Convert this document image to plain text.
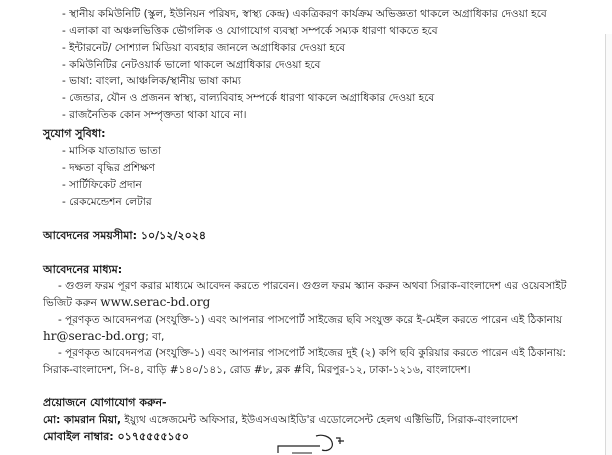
- স্থানীয় কমিউনিটি (স্কুল, ইউনিয়ন পরিষদ, স্বাস্থ্য কেন্দ্র) একত্রিকরণ কার্যক্রম অভিজ্ঞতা থাকলে অগ্রাধিকার দেওয়া হবে
- এলাকা বা অঞ্চলভিত্তিক ভৌগলিক ও যোগাযোগ ব্যবস্থা সম্পর্কে সম্যক ধারণা থাকতে হবে
- ইন্টারনেট/ সোশ্যাল মিডিয়া ব্যবহার জানলে অগ্রাধিকার দেওয়া হবে
- কমিউনিটির নেটওয়ার্ক ভালো থাকলে অগ্রাধিকার দেওয়া হবে
- ভাষা: বাংলা, আঞ্চলিক/স্থানীয় ভাষা কাম্য
- জেন্ডার, যৌন ও প্রজনন স্বাস্থ্য, বাল্যবিবাহ সম্পর্কে ধারণা থাকলে অগ্রাধিকার দেওয়া হবে
- রাজনৈতিক কোন সম্পৃক্ততা থাকা যাবে না।
সুযোগ সুবিধা:
- মাসিক যাতায়াত ভাতা
- দক্ষতা বৃদ্ধির প্রশিক্ষণ
- সার্টিফিকেট প্রদান
- রেকমেন্ডেশন লেটার
আবেদনের সময়সীমা: ১০/১২/২০২৪
আবেদনের মাধ্যম:
- গুগুল ফরম পূরণ করার মাধ্যমে আবেদন করতে পারবেন। গুগুল ফরম স্ক্যান করুন অথবা সিরাক-বাংলাদেশ এর ওয়েবসাইট
ভিজিট করুন www.serac-bd.org
- পূরণকৃত আবেদনপত্র (সংযুক্তি-১) এবং আপনার পাসপোর্ট সাইজের ছবি সংযুক্ত করে ই-মেইল করতে পারেন এই ঠিকানায়
hr@serac-bd.org; বা,
- পূরণকৃত আবেদনপত্র (সংযুক্তি-১) এবং আপনার পাসপোর্ট সাইজের দুই (২) কপি ছবি কুরিয়ার করতে পারেন এই ঠিকানায়:
সিরাক-বাংলাদেশ, সি-৪, বাড়ি #১৪০/১৪১, রোড #৮, ব্লক #বি, মিরপুর-১২, ঢাকা-১২১৬, বাংলাদেশ।
প্রয়োজনে যোগাযোগ করুন-
মো: কামরান মিয়া, ইয়্যুথ এঙ্গেজমেন্ট অফিসার, ইউএসএআইডি'র এডোলেসেন্ট হেলথ এক্টিভিটি, সিরাক-বাংলাদেশ
মোবাইল নাম্বার: ০১৭৫৫৫৫১৫০
